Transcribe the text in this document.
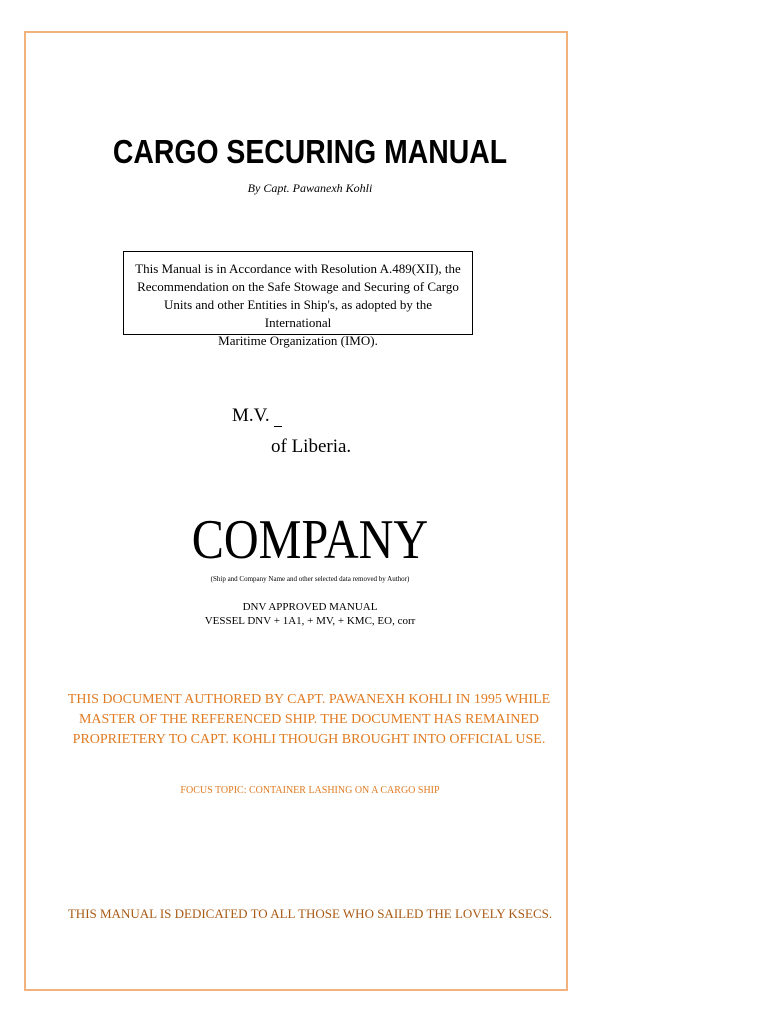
CARGO SECURING MANUAL
By Capt. Pawanexh Kohli
This Manual is in Accordance with Resolution A.489(XII), the
Recommendation on the Safe Stowage and Securing of Cargo
Units and other Entities in Ship's, as adopted by the International
Maritime Organization (IMO).
M.V.
of Liberia.
COMPANY
(Ship and Company Name and other selected data removed by Author)
DNV APPROVED MANUAL
VESSEL DNV + 1A1, + MV, + KMC, EO, corr
THIS DOCUMENT AUTHORED BY CAPT. PAWANEXH KOHLI IN 1995 WHILE
MASTER OF THE REFERENCED SHIP. THE DOCUMENT HAS REMAINED
PROPRIETERY TO CAPT. KOHLI THOUGH BROUGHT INTO OFFICIAL USE.
FOCUS TOPIC: CONTAINER LASHING ON A CARGO SHIP
THIS MANUAL IS DEDICATED TO ALL THOSE WHO SAILED THE LOVELY KSECS.
